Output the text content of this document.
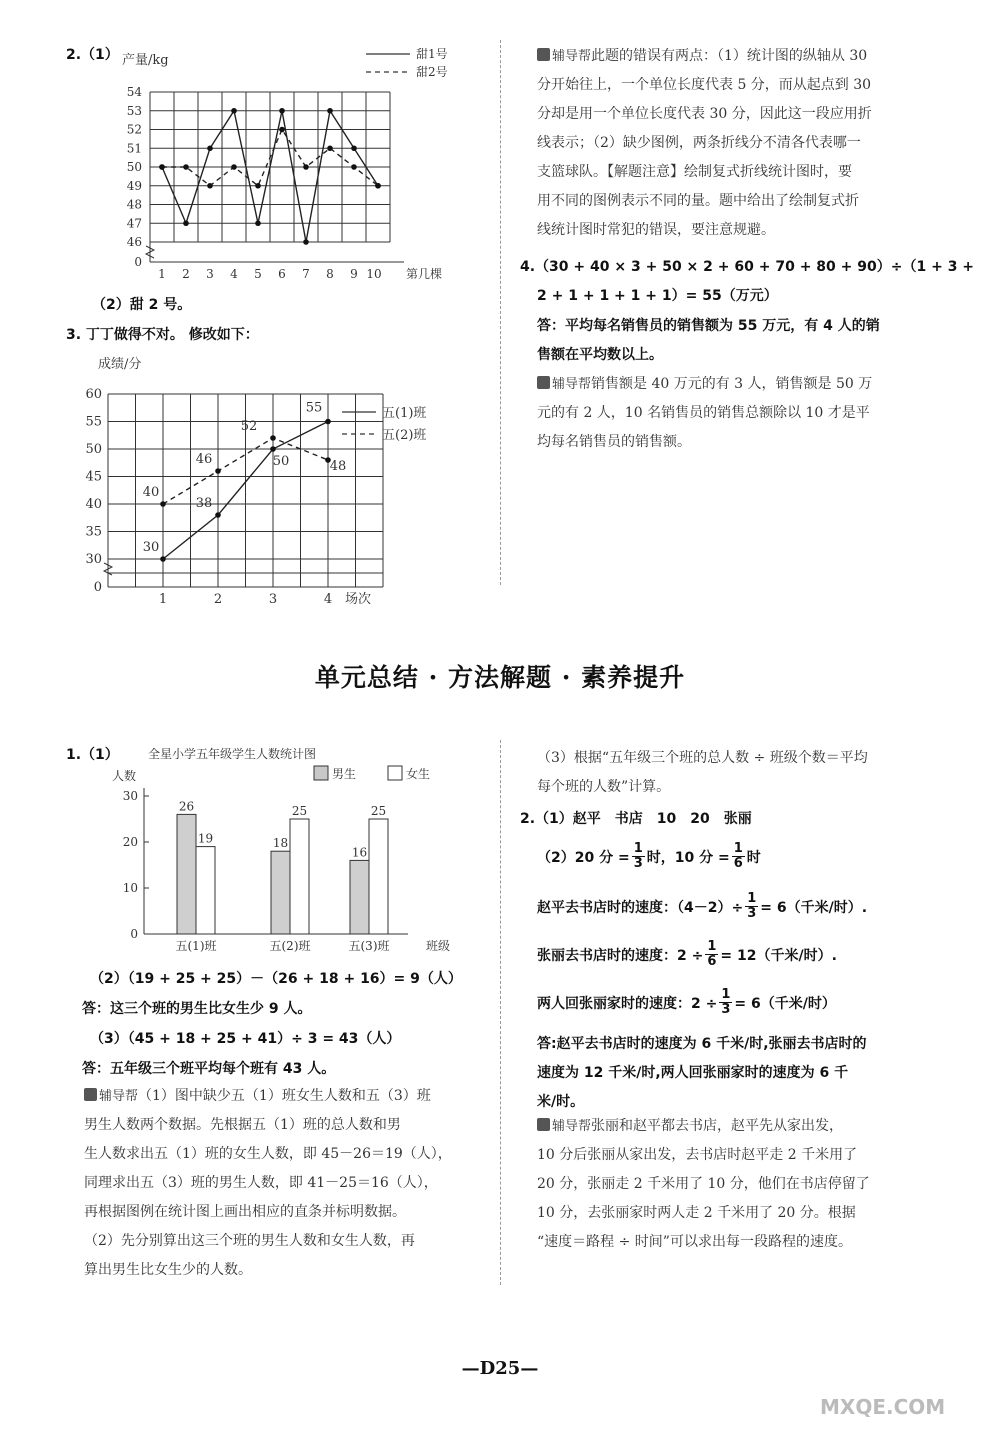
2.（1）
0
46
47
48
49
50
51
52
53
54
1 2 3 4 5 6 7 8 9 10 第几棵
产量/kg	甜1号
甜2号
（2）甜 2 号。
3. 丁丁做得不对。 修改如下：
0
30
35
40
45
50
55
60
1	2	3	4 场次
成绩/分
五(1)班
五(2)班
30
38
50
55
40
46
52
48
辅导帮此题的错误有两点：（1）统计图的纵轴从 30
分开始往上，一个单位长度代表 5 分，而从起点到 30
分却是用一个单位长度代表 30 分，因此这一段应用折
线表示；（2）缺少图例，两条折线分不清各代表哪一
支篮球队。【解题注意】绘制复式折线统计图时，要
用不同的图例表示不同的量。题中给出了绘制复式折
线统计图时常犯的错误，要注意规避。
4.（30 + 40 × 3 + 50 × 2 + 60 + 70 + 80 + 90）÷（1 + 3 +
2 + 1 + 1 + 1 + 1）= 55（万元）
答：平均每名销售员的销售额为 55 万元，有 4 人的销
售额在平均数以上。
辅导帮销售额是 40 万元的有 3 人，销售额是 50 万
元的有 2 人，10 名销售员的销售总额除以 10 才是平
均每名销售员的销售额。
单元总结 · 方法解题 · 素养提升
1.（1） 全星小学五年级学生人数统计图
人数
10
20
30
0
男生	女生
26
19
五(1)班
18
25
五(2)班
16
25
五(3)班	班级
（2）（19 + 25 + 25）－（26 + 18 + 16）= 9（人）
答：这三个班的男生比女生少 9 人。
（3）（45 + 18 + 25 + 41）÷ 3 = 43（人）
答：五年级三个班平均每个班有 43 人。
辅导帮（1）图中缺少五（1）班女生人数和五（3）班
男生人数两个数据。先根据五（1）班的总人数和男
生人数求出五（1）班的女生人数，即 45－26＝19（人），
同理求出五（3）班的男生人数，即 41－25＝16（人），
再根据图例在统计图上画出相应的直条并标明数据。
（2）先分别算出这三个班的男生人数和女生人数，再
算出男生比女生少的人数。
（3）根据“五年级三个班的总人数 ÷ 班级个数＝平均
每个班的人数”计算。
2.（1）赵平　书店　10　20　张丽
（2）20 分 = $\frac{1}{3}$ 时，10 分 = $\frac{1}{6}$ 时
赵平去书店时的速度：$(4-2)\div \frac{1}{3} = 6$（千米/时）.
张丽去书店时的速度：$2 \div \frac{1}{6} = 12$（千米/时）.
两人回张丽家时的速度：$2 \div \frac{1}{3} = 6$（千米/时）
答:赵平去书店时的速度为 6 千米/时,张丽去书店时的
速度为 12 千米/时,两人回张丽家时的速度为 6 千
米/时。
辅导帮张丽和赵平都去书店，赵平先从家出发，
10 分后张丽从家出发，去书店时赵平走 2 千米用了
20 分，张丽走 2 千米用了 10 分，他们在书店停留了
10 分，去张丽家时两人走 2 千米用了 20 分。根据
“速度＝路程 ÷ 时间”可以求出每一段路程的速度。
—D25—
MXQE.COM
